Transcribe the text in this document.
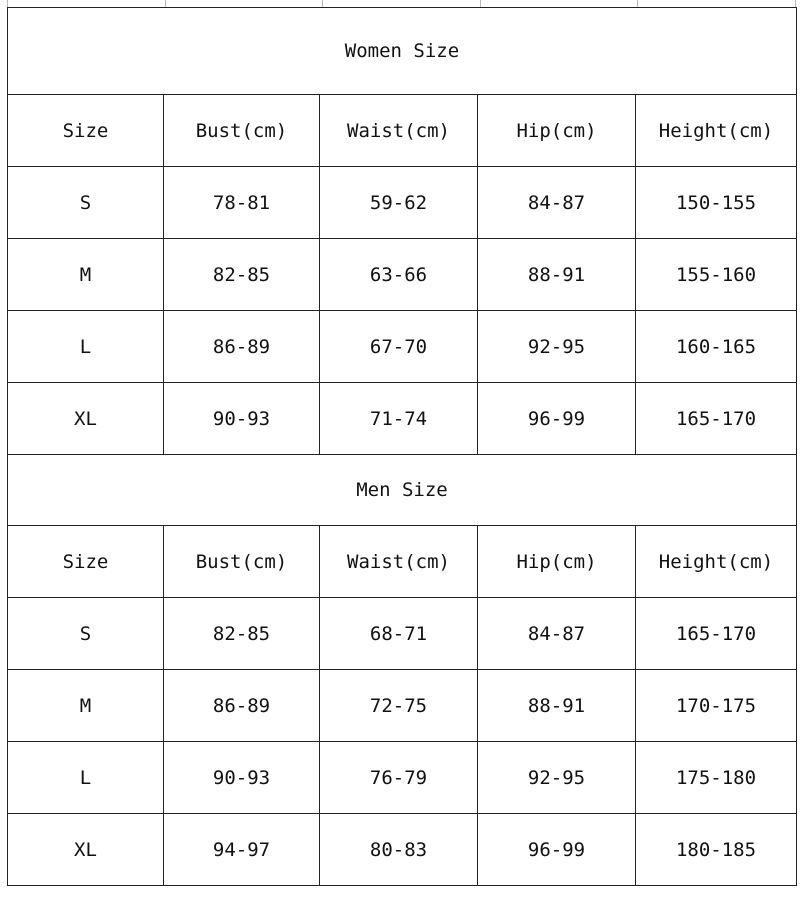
Women Size				
Size	Bust(cm)	Waist(cm)	Hip(cm)	Height(cm)
S	78-81	59-62	84-87	150-155
M	82-85	63-66	88-91	155-160
L	86-89	67-70	92-95	160-165
XL	90-93	71-74	96-99	165-170
Men Size				
Size	Bust(cm)	Waist(cm)	Hip(cm)	Height(cm)
S	82-85	68-71	84-87	165-170
M	86-89	72-75	88-91	170-175
L	90-93	76-79	92-95	175-180
XL	94-97	80-83	96-99	180-185
